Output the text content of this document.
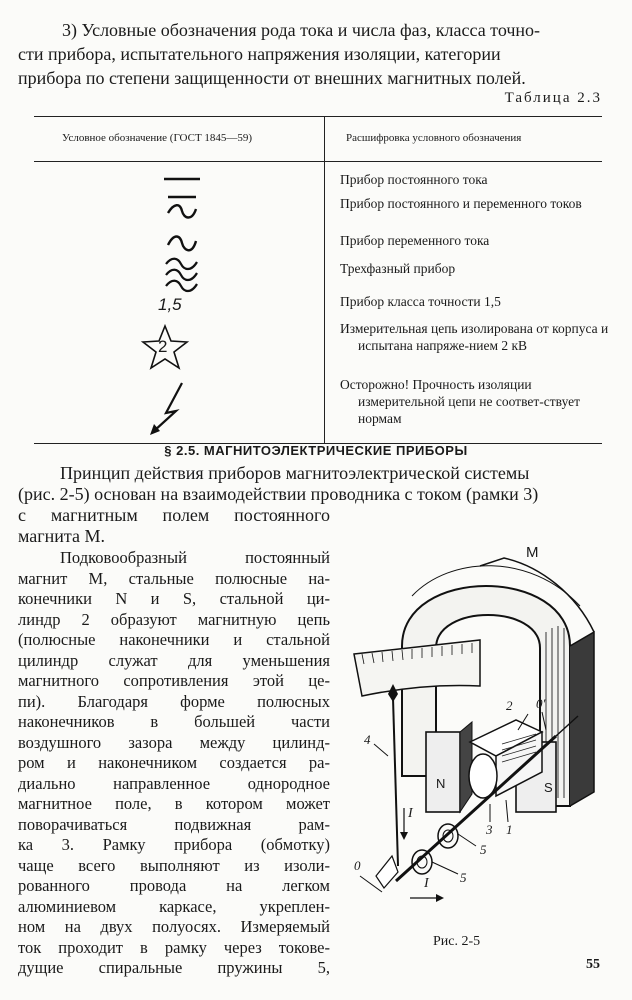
3) Условные обозначения рода тока и числа фаз, класса точно-
сти прибора, испытательного напряжения изоляции, категории
прибора по степени защищенности от внешних магнитных полей.
Таблица 2.3
Условное обозначение (ГОСТ 1845—59)	Расшифровка условного обозначения
1,5
2
Прибор постоянного тока
Прибор постоянного и переменного токов
Прибор переменного тока
Трехфазный прибор
Прибор класса точности 1,5
Измерительная цепь изолирована от корпуса и испытана напряже-нием 2 кВ
Осторожно! Прочность изоляции измерительной цепи не соответ-ствует нормам
§ 2.5. МАГНИТОЭЛЕКТРИЧЕСКИЕ ПРИБОРЫ
Принцип действия приборов магнитоэлектрической системы
(рис. 2-5) основан на взаимодействии проводника с током (рамки 3)
с магнитным полем постоянного
магнита M.
Подковообразный постоянный
магнит M, стальные полюсные на-
конечники N и S, стальной ци-
линдр 2 образуют магнитную цепь
(полюсные наконечники и стальной
цилиндр служат для уменьшения
магнитного сопротивления этой це-
пи). Благодаря форме полюсных
наконечников в большей части
воздушного зазора между цилинд-
ром и наконечником создается ра-
диально направленное однородное
магнитное поле, в котором может
поворачиваться подвижная рам-
ка 3. Рамку прибора (обмотку)
чаще всего выполняют из изоли-
рованного провода на легком
алюминиевом каркасе, укреплен-
ном на двух полуосях. Измеряемый
ток проходит в рамку через токове-
дущие спиральные пружины 5,
M
N	S
2 0'
4
3 1
5
5
0
I
I
Рис. 2-5
55
